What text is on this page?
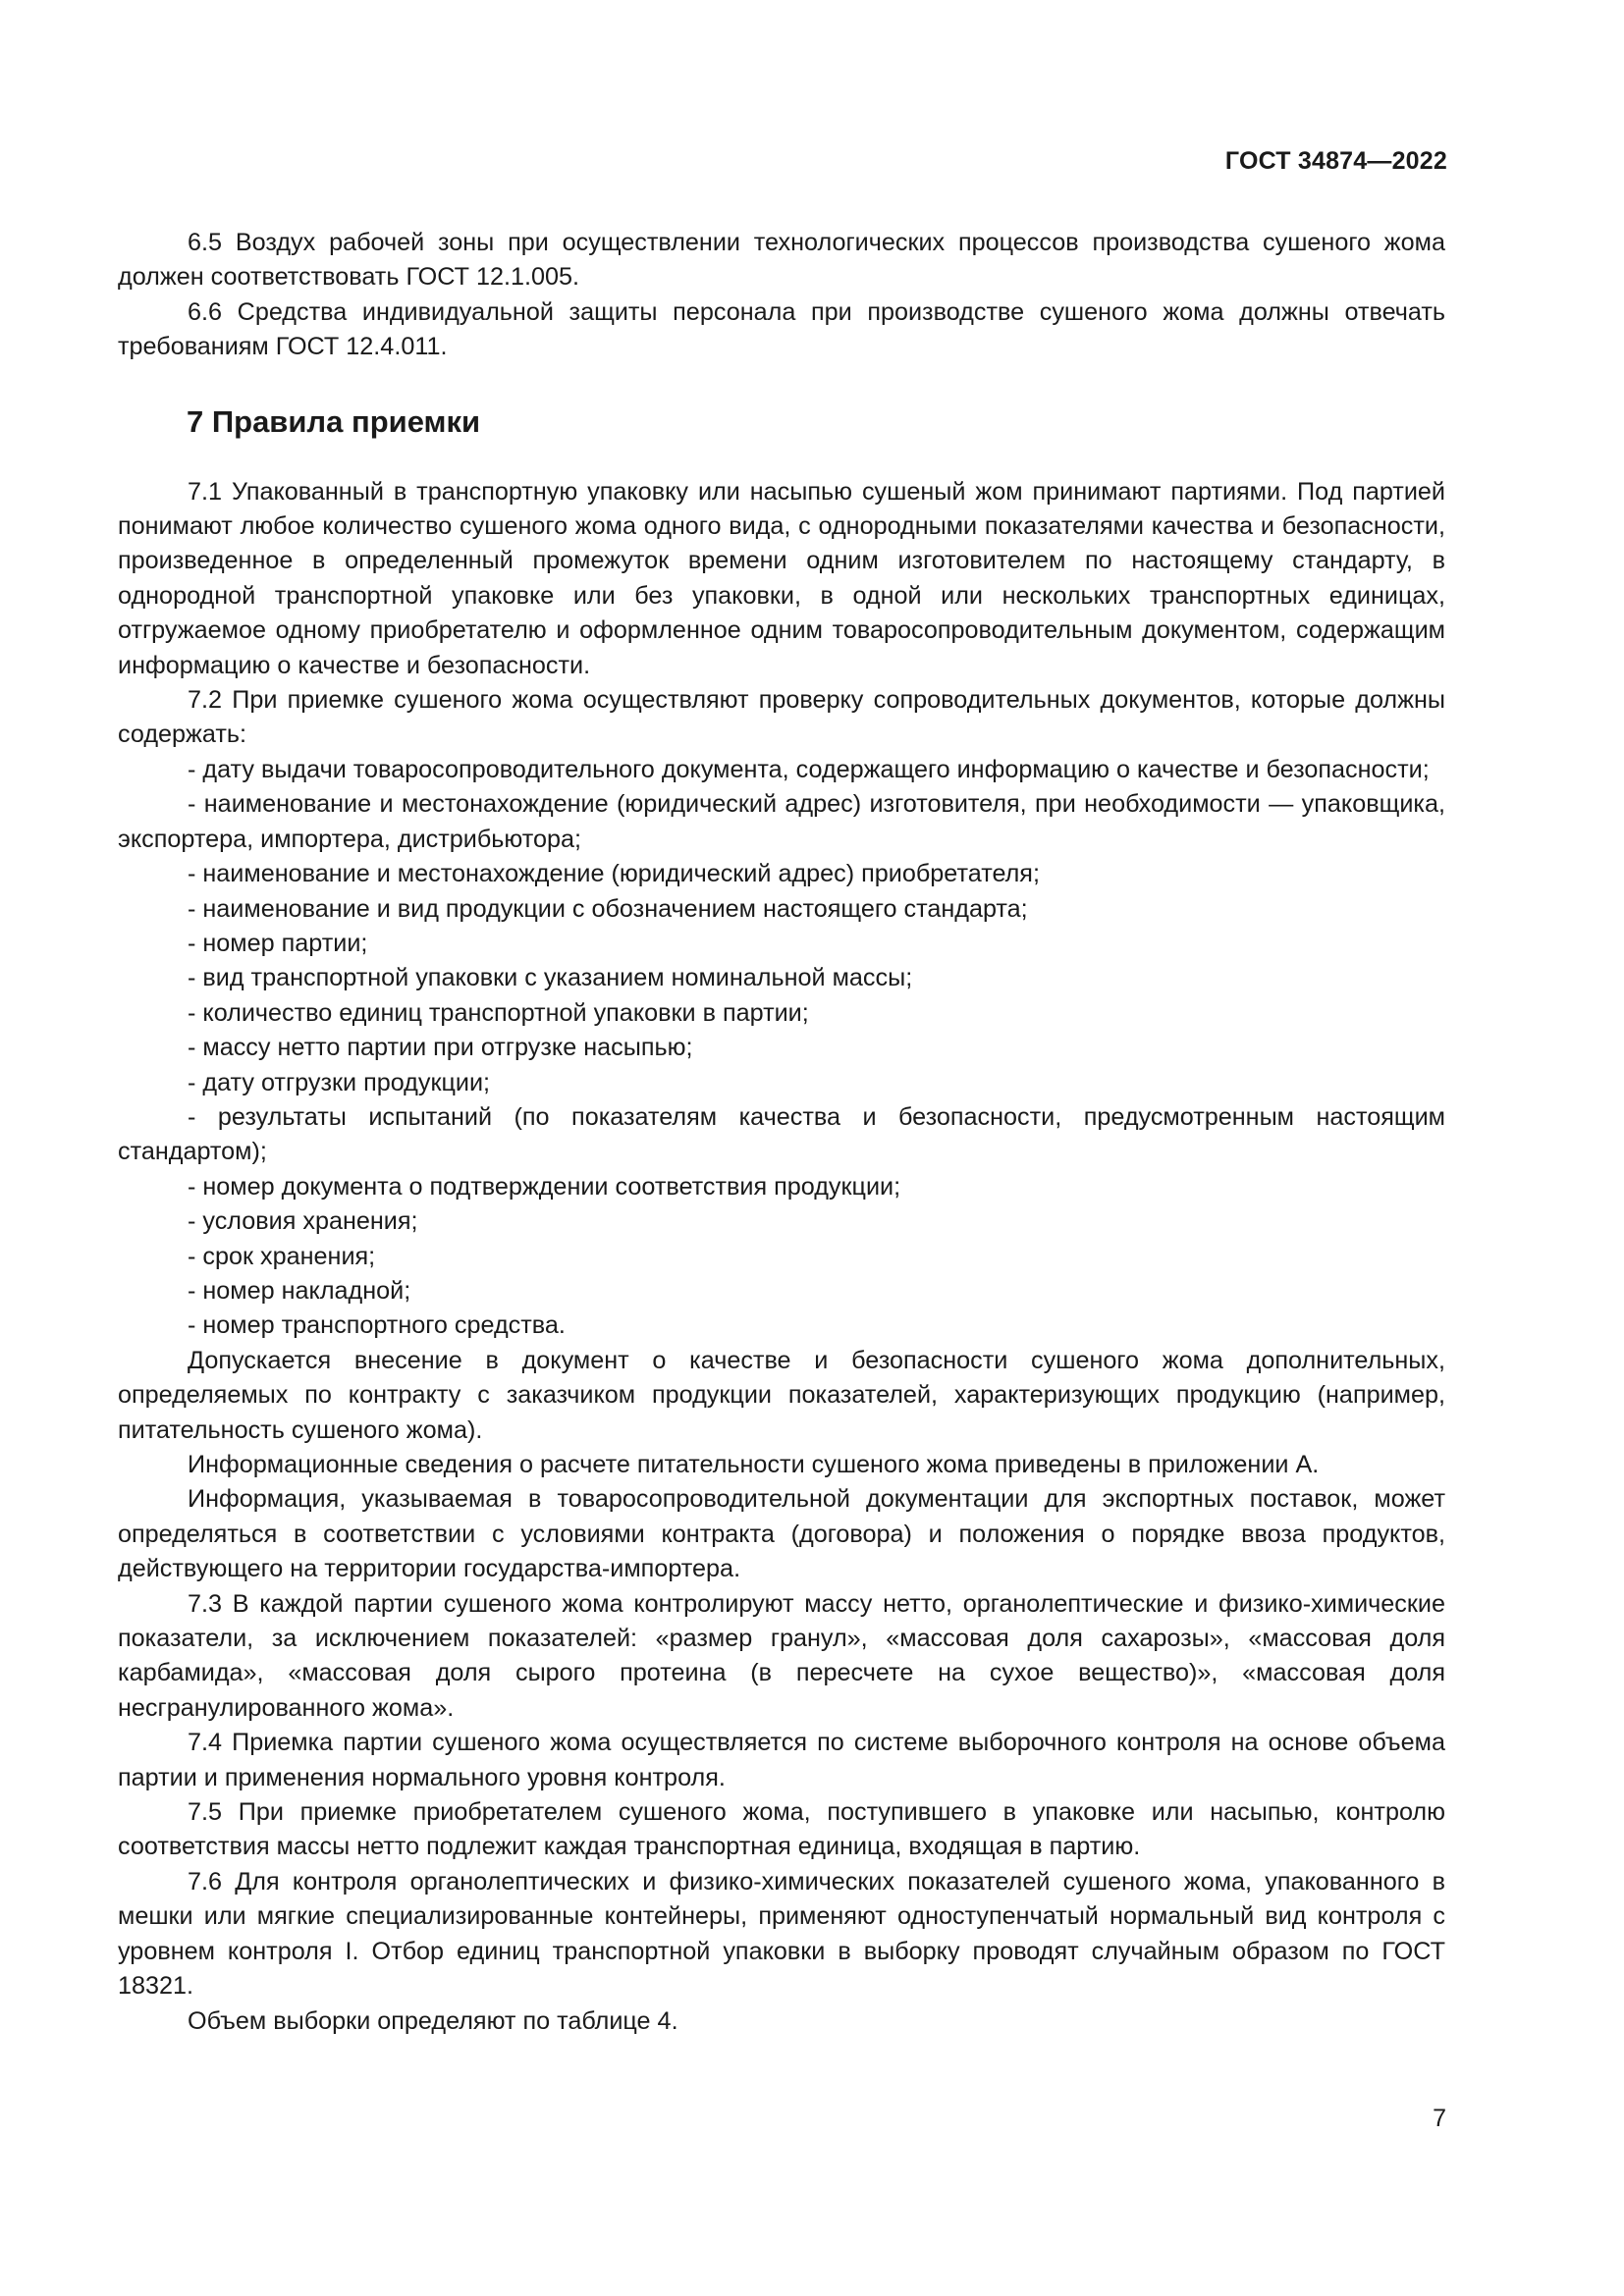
ГОСТ 34874—2022

6.5 Воздух рабочей зоны при осуществлении технологических процессов производства сушеного жома должен соответствовать ГОСТ 12.1.005.

6.6 Средства индивидуальной защиты персонала при производстве сушеного жома должны отвечать требованиям ГОСТ 12.4.011.

7 Правила приемки

7.1 Упакованный в транспортную упаковку или насыпью сушеный жом принимают партиями. Под партией понимают любое количество сушеного жома одного вида, с однородными показателями качества и безопасности, произведенное в определенный промежуток времени одним изготовителем по настоящему стандарту, в однородной транспортной упаковке или без упаковки, в одной или нескольких транспортных единицах, отгружаемое одному приобретателю и оформленное одним товаросопроводительным документом, содержащим информацию о качестве и безопасности.

7.2 При приемке сушеного жома осуществляют проверку сопроводительных документов, которые должны содержать:

- дату выдачи товаросопроводительного документа, содержащего информацию о качестве и безопасности;

- наименование и местонахождение (юридический адрес) изготовителя, при необходимости — упаковщика, экспортера, импортера, дистрибьютора;

- наименование и местонахождение (юридический адрес) приобретателя;

- наименование и вид продукции с обозначением настоящего стандарта;

- номер партии;

- вид транспортной упаковки с указанием номинальной массы;

- количество единиц транспортной упаковки в партии;

- массу нетто партии при отгрузке насыпью;

- дату отгрузки продукции;

- результаты испытаний (по показателям качества и безопасности, предусмотренным настоящим стандартом);

- номер документа о подтверждении соответствия продукции;

- условия хранения;

- срок хранения;

- номер накладной;

- номер транспортного средства.

Допускается внесение в документ о качестве и безопасности сушеного жома дополнительных, определяемых по контракту с заказчиком продукции показателей, характеризующих продукцию (например, питательность сушеного жома).

Информационные сведения о расчете питательности сушеного жома приведены в приложении А.

Информация, указываемая в товаросопроводительной документации для экспортных поставок, может определяться в соответствии с условиями контракта (договора) и положения о порядке ввоза продуктов, действующего на территории государства-импортера.

7.3 В каждой партии сушеного жома контролируют массу нетто, органолептические и физико-химические показатели, за исключением показателей: «размер гранул», «массовая доля сахарозы», «массовая доля карбамида», «массовая доля сырого протеина (в пересчете на сухое вещество)», «массовая доля несгранулированного жома».

7.4 Приемка партии сушеного жома осуществляется по системе выборочного контроля на основе объема партии и применения нормального уровня контроля.

7.5 При приемке приобретателем сушеного жома, поступившего в упаковке или насыпью, контролю соответствия массы нетто подлежит каждая транспортная единица, входящая в партию.

7.6 Для контроля органолептических и физико-химических показателей сушеного жома, упакованного в мешки или мягкие специализированные контейнеры, применяют одноступенчатый нормальный вид контроля с уровнем контроля I. Отбор единиц транспортной упаковки в выборку проводят случайным образом по ГОСТ 18321.

Объем выборки определяют по таблице 4.

7
